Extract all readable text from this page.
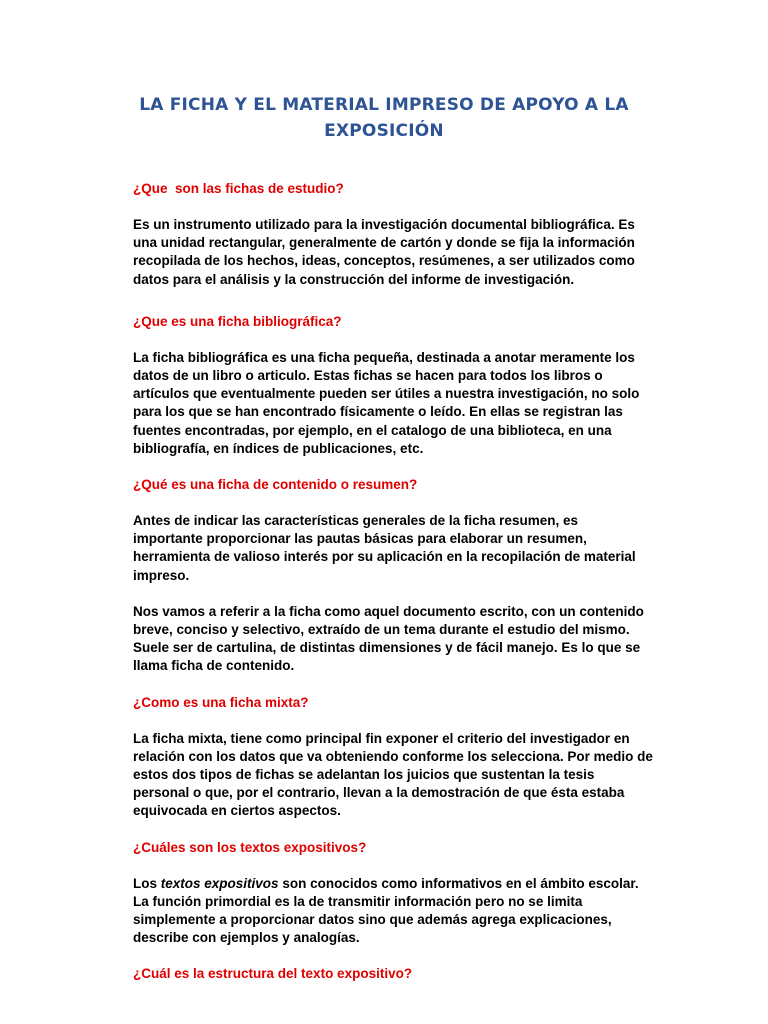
LA FICHA Y EL MATERIAL IMPRESO DE APOYO A LA
EXPOSICIÓN
¿Que  son las fichas de estudio?
Es un instrumento utilizado para la investigación documental bibliográfica. Es
una unidad rectangular, generalmente de cartón y donde se fija la información
recopilada de los hechos, ideas, conceptos, resúmenes, a ser utilizados como
datos para el análisis y la construcción del informe de investigación.
¿Que es una ficha bibliográfica?
La ficha bibliográfica es una ficha pequeña, destinada a anotar meramente los
datos de un libro o articulo. Estas fichas se hacen para todos los libros o
artículos que eventualmente pueden ser útiles a nuestra investigación, no solo
para los que se han encontrado físicamente o leído. En ellas se registran las
fuentes encontradas, por ejemplo, en el catalogo de una biblioteca, en una
bibliografía, en índices de publicaciones, etc.
¿Qué es una ficha de contenido o resumen?
Antes de indicar las características generales de la ficha resumen, es
importante proporcionar las pautas básicas para elaborar un resumen,
herramienta de valioso interés por su aplicación en la recopilación de material
impreso.
Nos vamos a referir a la ficha como aquel documento escrito, con un contenido
breve, conciso y selectivo, extraído de un tema durante el estudio del mismo.
Suele ser de cartulina, de distintas dimensiones y de fácil manejo. Es lo que se
llama ficha de contenido.
¿Como es una ficha mixta?
La ficha mixta, tiene como principal fin exponer el criterio del investigador en
relación con los datos que va obteniendo conforme los selecciona. Por medio de
estos dos tipos de fichas se adelantan los juicios que sustentan la tesis
personal o que, por el contrario, llevan a la demostración de que ésta estaba
equivocada en ciertos aspectos.
¿Cuáles son los textos expositivos?
Los textos expositivos son conocidos como informativos en el ámbito escolar.
La función primordial es la de transmitir información pero no se limita
simplemente a proporcionar datos sino que además agrega explicaciones,
describe con ejemplos y analogías.
¿Cuál es la estructura del texto expositivo?
